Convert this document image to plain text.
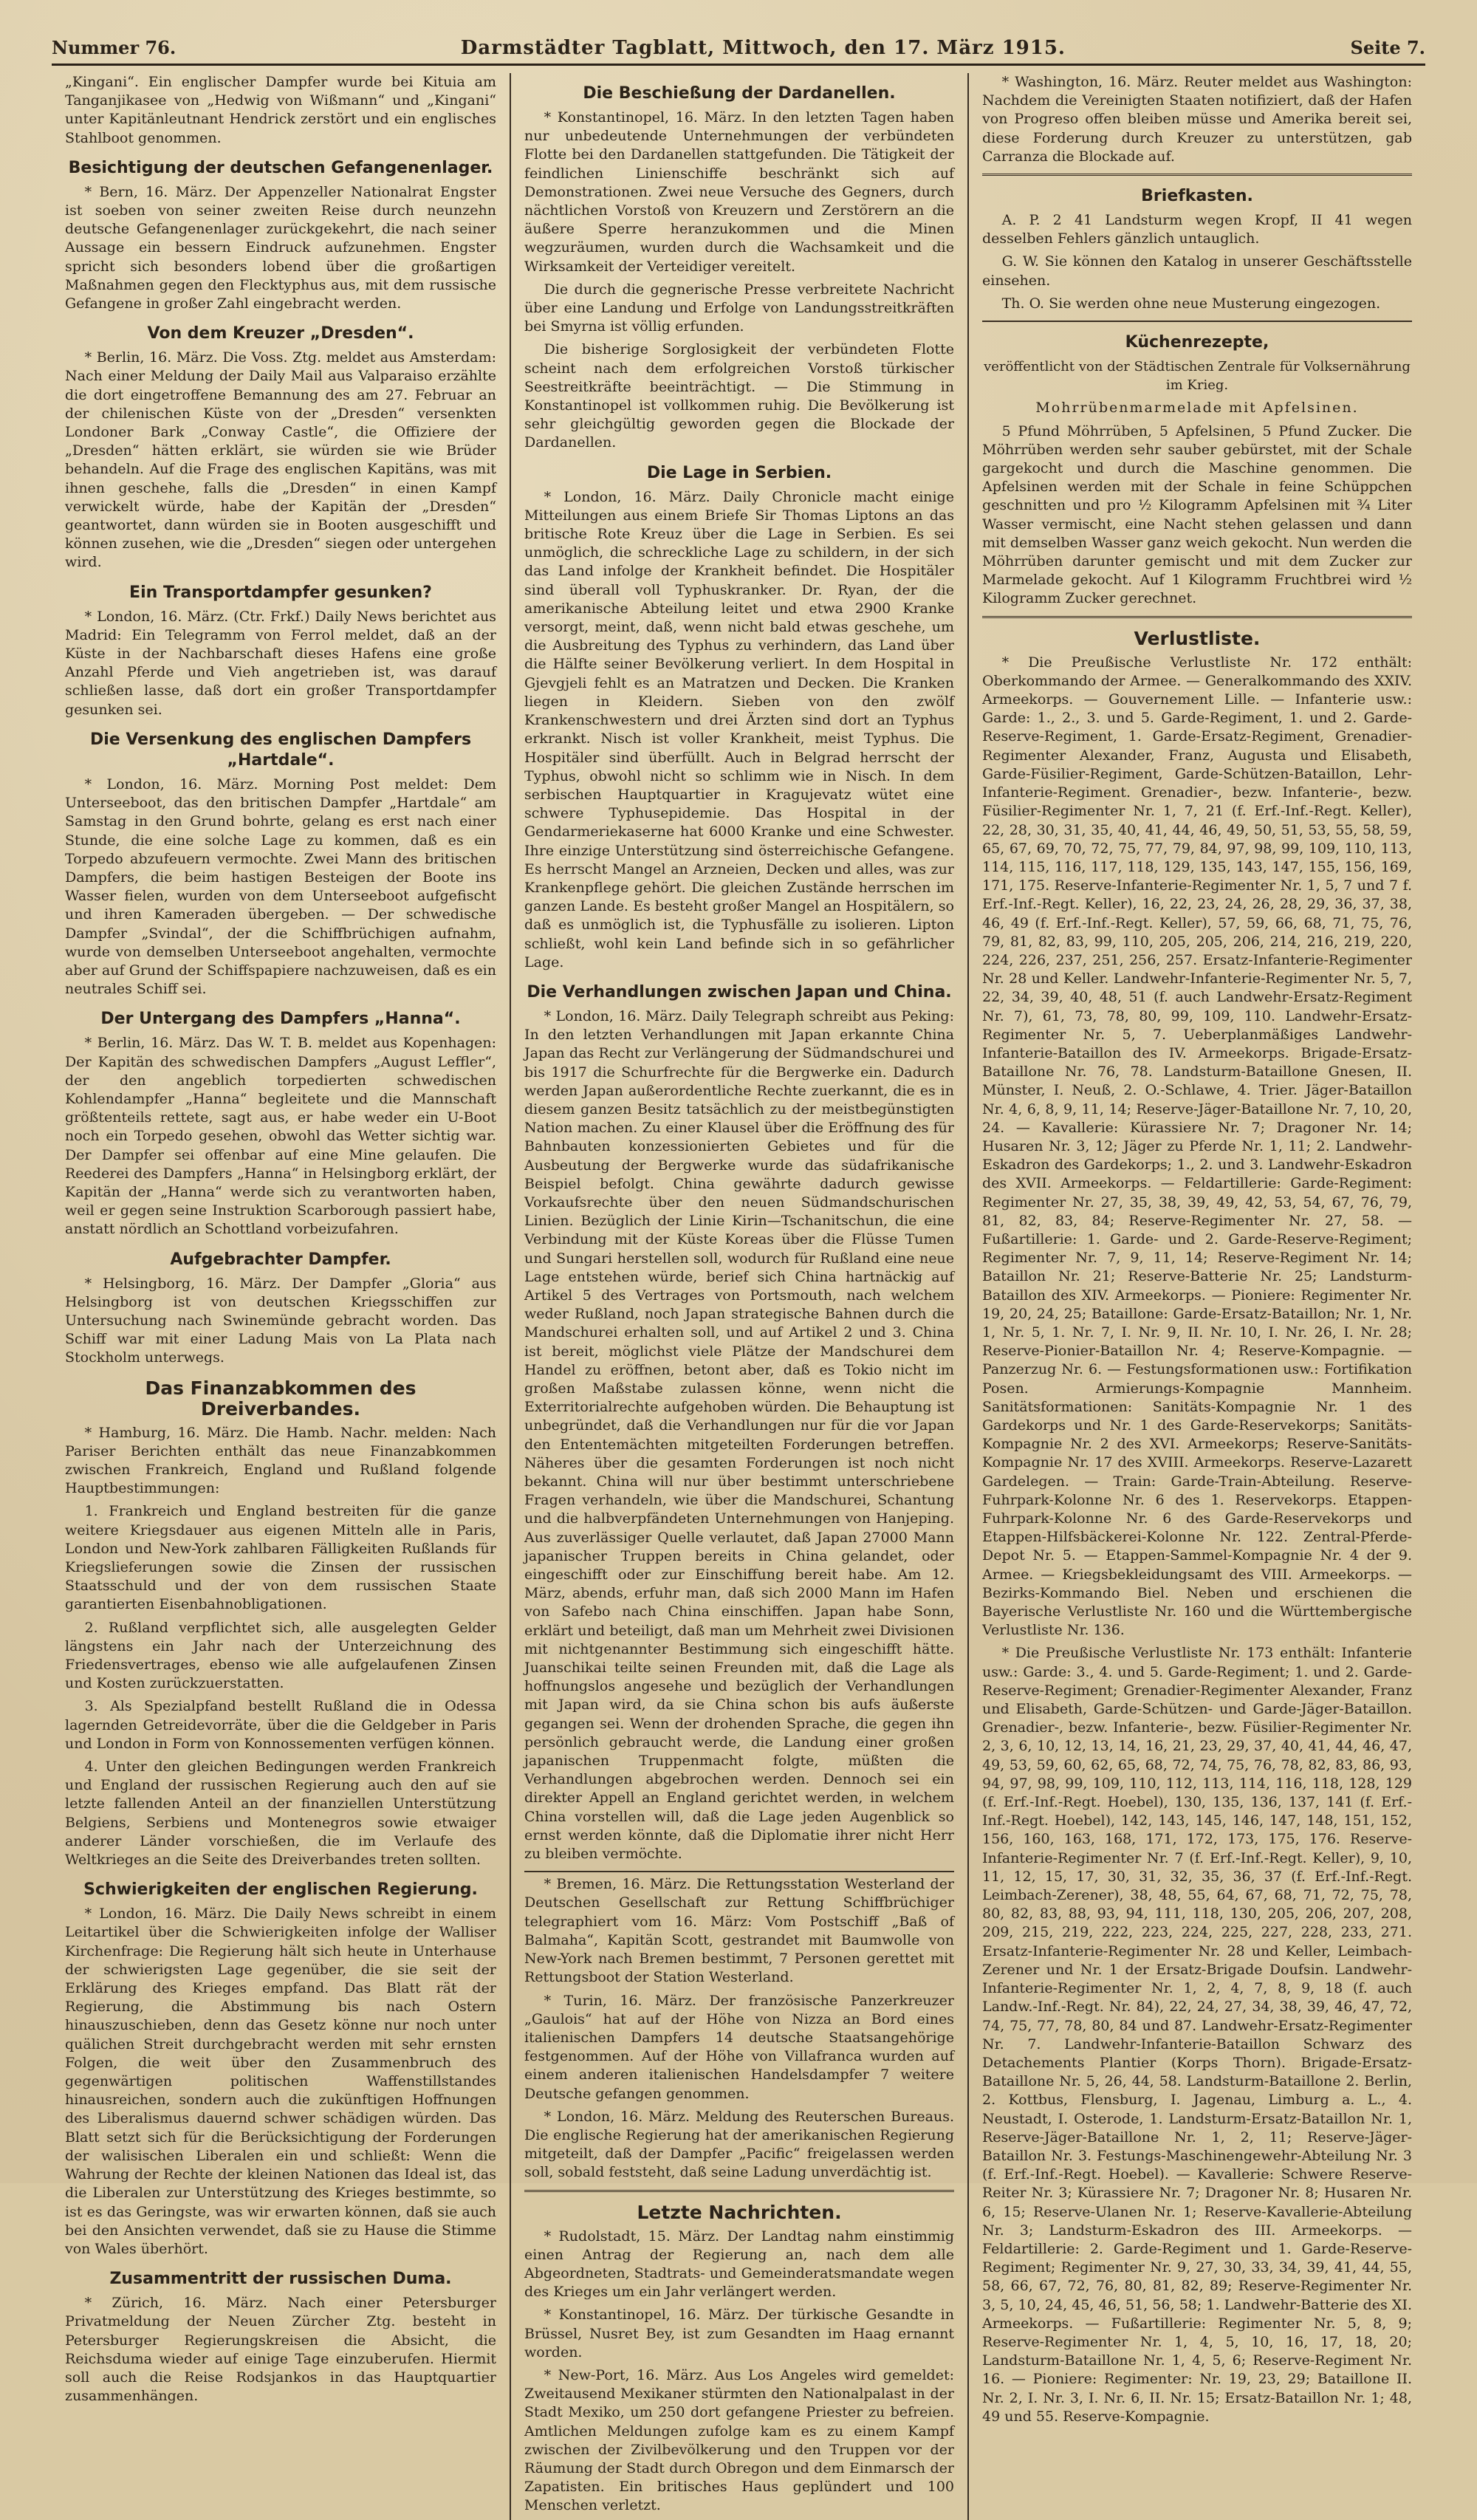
Nummer 76.	Darmstädter Tagblatt, Mittwoch, den 17. März 1915.	Seite 7.

„Kingani“. Ein englischer Dampfer wurde bei Kituia am Tanganjikasee von „Hedwig von Wißmann“ und „Kingani“ unter Kapitänleutnant Hendrick zerstört und ein englisches Stahlboot genommen.

Besichtigung der deutschen Gefangenenlager.

* Bern, 16. März. Der Appenzeller Nationalrat Engster ist soeben von seiner zweiten Reise durch neunzehn deutsche Gefangenenlager zurückgekehrt, die nach seiner Aussage ein bessern Eindruck aufzunehmen. Engster spricht sich besonders lobend über die großartigen Maßnahmen gegen den Flecktyphus aus, mit dem russische Gefangene in großer Zahl eingebracht werden.

Von dem Kreuzer „Dresden“.

* Berlin, 16. März. Die Voss. Ztg. meldet aus Amsterdam: Nach einer Meldung der Daily Mail aus Valparaiso erzählte die dort eingetroffene Bemannung des am 27. Februar an der chilenischen Küste von der „Dresden“ versenkten Londoner Bark „Conway Castle“, die Offiziere der „Dresden“ hätten erklärt, sie würden sie wie Brüder behandeln. Auf die Frage des englischen Kapitäns, was mit ihnen geschehe, falls die „Dresden“ in einen Kampf verwickelt würde, habe der Kapitän der „Dresden“ geantwortet, dann würden sie in Booten ausgeschifft und können zusehen, wie die „Dresden“ siegen oder untergehen wird.

Ein Transportdampfer gesunken?

* London, 16. März. (Ctr. Frkf.) Daily News berichtet aus Madrid: Ein Telegramm von Ferrol meldet, daß an der Küste in der Nachbarschaft dieses Hafens eine große Anzahl Pferde und Vieh angetrieben ist, was darauf schließen lasse, daß dort ein großer Transportdampfer gesunken sei.

Die Versenkung des englischen Dampfers „Hartdale“.

* London, 16. März. Morning Post meldet: Dem Unterseeboot, das den britischen Dampfer „Hartdale“ am Samstag in den Grund bohrte, gelang es erst nach einer Stunde, die eine solche Lage zu kommen, daß es ein Torpedo abzufeuern vermochte. Zwei Mann des britischen Dampfers, die beim hastigen Besteigen der Boote ins Wasser fielen, wurden von dem Unterseeboot aufgefischt und ihren Kameraden übergeben. — Der schwedische Dampfer „Svindal“, der die Schiffbrüchigen aufnahm, wurde von demselben Unterseeboot angehalten, vermochte aber auf Grund der Schiffspapiere nachzuweisen, daß es ein neutrales Schiff sei.

Der Untergang des Dampfers „Hanna“.

* Berlin, 16. März. Das W. T. B. meldet aus Kopenhagen: Der Kapitän des schwedischen Dampfers „August Leffler“, der den angeblich torpedierten schwedischen Kohlendampfer „Hanna“ begleitete und die Mannschaft größtenteils rettete, sagt aus, er habe weder ein U-Boot noch ein Torpedo gesehen, obwohl das Wetter sichtig war. Der Dampfer sei offenbar auf eine Mine gelaufen. Die Reederei des Dampfers „Hanna“ in Helsingborg erklärt, der Kapitän der „Hanna“ werde sich zu verantworten haben, weil er gegen seine Instruktion Scarborough passiert habe, anstatt nördlich an Schottland vorbeizufahren.

Aufgebrachter Dampfer.

* Helsingborg, 16. März. Der Dampfer „Gloria“ aus Helsingborg ist von deutschen Kriegsschiffen zur Untersuchung nach Swinemünde gebracht worden. Das Schiff war mit einer Ladung Mais von La Plata nach Stockholm unterwegs.

Das Finanzabkommen des Dreiverbandes.

* Hamburg, 16. März. Die Hamb. Nachr. melden: Nach Pariser Berichten enthält das neue Finanzabkommen zwischen Frankreich, England und Rußland folgende Hauptbestimmungen:

1. Frankreich und England bestreiten für die ganze weitere Kriegsdauer aus eigenen Mitteln alle in Paris, London und New-York zahlbaren Fälligkeiten Rußlands für Kriegslieferungen sowie die Zinsen der russischen Staatsschuld und der von dem russischen Staate garantierten Eisenbahnobligationen.

2. Rußland verpflichtet sich, alle ausgelegten Gelder längstens ein Jahr nach der Unterzeichnung des Friedensvertrages, ebenso wie alle aufgelaufenen Zinsen und Kosten zurückzuerstatten.

3. Als Spezialpfand bestellt Rußland die in Odessa lagernden Getreidevorräte, über die die Geldgeber in Paris und London in Form von Konnossementen verfügen können.

4. Unter den gleichen Bedingungen werden Frankreich und England der russischen Regierung auch den auf sie letzte fallenden Anteil an der finanziellen Unterstützung Belgiens, Serbiens und Montenegros sowie etwaiger anderer Länder vorschießen, die im Verlaufe des Weltkrieges an die Seite des Dreiverbandes treten sollten.

Schwierigkeiten der englischen Regierung.

* London, 16. März. Die Daily News schreibt in einem Leitartikel über die Schwierigkeiten infolge der Walliser Kirchenfrage: Die Regierung hält sich heute in Unterhause der schwierigsten Lage gegenüber, die sie seit der Erklärung des Krieges empfand. Das Blatt rät der Regierung, die Abstimmung bis nach Ostern hinauszuschieben, denn das Gesetz könne nur noch unter quälichen Streit durchgebracht werden mit sehr ernsten Folgen, die weit über den Zusammenbruch des gegenwärtigen politischen Waffenstillstandes hinausreichen, sondern auch die zukünftigen Hoffnungen des Liberalismus dauernd schwer schädigen würden. Das Blatt setzt sich für die Berücksichtigung der Forderungen der walisischen Liberalen ein und schließt: Wenn die Wahrung der Rechte der kleinen Nationen das Ideal ist, das die Liberalen zur Unterstützung des Krieges bestimmte, so ist es das Geringste, was wir erwarten können, daß sie auch bei den Ansichten verwendet, daß sie zu Hause die Stimme von Wales überhört.

Zusammentritt der russischen Duma.

* Zürich, 16. März. Nach einer Petersburger Privatmeldung der Neuen Zürcher Ztg. besteht in Petersburger Regierungskreisen die Absicht, die Reichsduma wieder auf einige Tage einzuberufen. Hiermit soll auch die Reise Rodsjankos in das Hauptquartier zusammenhängen.

Die Beschießung der Dardanellen.

* Konstantinopel, 16. März. In den letzten Tagen haben nur unbedeutende Unternehmungen der verbündeten Flotte bei den Dardanellen stattgefunden. Die Tätigkeit der feindlichen Linienschiffe beschränkt sich auf Demonstrationen. Zwei neue Versuche des Gegners, durch nächtlichen Vorstoß von Kreuzern und Zerstörern an die äußere Sperre heranzukommen und die Minen wegzuräumen, wurden durch die Wachsamkeit und die Wirksamkeit der Verteidiger vereitelt.

Die durch die gegnerische Presse verbreitete Nachricht über eine Landung und Erfolge von Landungsstreitkräften bei Smyrna ist völlig erfunden.

Die bisherige Sorglosigkeit der verbündeten Flotte scheint nach dem erfolgreichen Vorstoß türkischer Seestreitkräfte beeinträchtigt. — Die Stimmung in Konstantinopel ist vollkommen ruhig. Die Bevölkerung ist sehr gleichgültig geworden gegen die Blockade der Dardanellen.

Die Lage in Serbien.

* London, 16. März. Daily Chronicle macht einige Mitteilungen aus einem Briefe Sir Thomas Liptons an das britische Rote Kreuz über die Lage in Serbien. Es sei unmöglich, die schreckliche Lage zu schildern, in der sich das Land infolge der Krankheit befindet. Die Hospitäler sind überall voll Typhuskranker. Dr. Ryan, der die amerikanische Abteilung leitet und etwa 2900 Kranke versorgt, meint, daß, wenn nicht bald etwas geschehe, um die Ausbreitung des Typhus zu verhindern, das Land über die Hälfte seiner Bevölkerung verliert. In dem Hospital in Gjevgjeli fehlt es an Matratzen und Decken. Die Kranken liegen in Kleidern. Sieben von den zwölf Krankenschwestern und drei Ärzten sind dort an Typhus erkrankt. Nisch ist voller Krankheit, meist Typhus. Die Hospitäler sind überfüllt. Auch in Belgrad herrscht der Typhus, obwohl nicht so schlimm wie in Nisch. In dem serbischen Hauptquartier in Kragujevatz wütet eine schwere Typhusepidemie. Das Hospital in der Gendarmeriekaserne hat 6000 Kranke und eine Schwester. Ihre einzige Unterstützung sind österreichische Gefangene. Es herrscht Mangel an Arzneien, Decken und alles, was zur Krankenpflege gehört. Die gleichen Zustände herrschen im ganzen Lande. Es besteht großer Mangel an Hospitälern, so daß es unmöglich ist, die Typhusfälle zu isolieren. Lipton schließt, wohl kein Land befinde sich in so gefährlicher Lage.

Die Verhandlungen zwischen Japan und China.

* London, 16. März. Daily Telegraph schreibt aus Peking: In den letzten Verhandlungen mit Japan erkannte China Japan das Recht zur Verlängerung der Südmandschurei und bis 1917 die Schurfrechte für die Bergwerke ein. Dadurch werden Japan außerordentliche Rechte zuerkannt, die es in diesem ganzen Besitz tatsächlich zu der meistbegünstigten Nation machen. Zu einer Klausel über die Eröffnung des für Bahnbauten konzessionierten Gebietes und für die Ausbeutung der Bergwerke wurde das südafrikanische Beispiel befolgt. China gewährte dadurch gewisse Vorkaufsrechte über den neuen Südmandschurischen Linien. Bezüglich der Linie Kirin—Tschanitschun, die eine Verbindung mit der Küste Koreas über die Flüsse Tumen und Sungari herstellen soll, wodurch für Rußland eine neue Lage entstehen würde, berief sich China hartnäckig auf Artikel 5 des Vertrages von Portsmouth, nach welchem weder Rußland, noch Japan strategische Bahnen durch die Mandschurei erhalten soll, und auf Artikel 2 und 3. China ist bereit, möglichst viele Plätze der Mandschurei dem Handel zu eröffnen, betont aber, daß es Tokio nicht im großen Maßstabe zulassen könne, wenn nicht die Exterritorialrechte aufgehoben würden. Die Behauptung ist unbegründet, daß die Verhandlungen nur für die vor Japan den Ententemächten mitgeteilten Forderungen betreffen. Näheres über die gesamten Forderungen ist noch nicht bekannt. China will nur über bestimmt unterschriebene Fragen verhandeln, wie über die Mandschurei, Schantung und die halbverpfändeten Unternehmungen von Hanjeping. Aus zuverlässiger Quelle verlautet, daß Japan 27000 Mann japanischer Truppen bereits in China gelandet, oder eingeschifft oder zur Einschiffung bereit habe. Am 12. März, abends, erfuhr man, daß sich 2000 Mann im Hafen von Safebo nach China einschiffen. Japan habe Sonn, erklärt und beteiligt, daß man um Mehrheit zwei Divisionen mit nichtgenannter Bestimmung sich eingeschifft hätte. Juanschikai teilte seinen Freunden mit, daß die Lage als hoffnungslos angesehe und bezüglich der Verhandlungen mit Japan wird, da sie China schon bis aufs äußerste gegangen sei. Wenn der drohenden Sprache, die gegen ihn persönlich gebraucht werde, die Landung einer großen japanischen Truppenmacht folgte, müßten die Verhandlungen abgebrochen werden. Dennoch sei ein direkter Appell an England gerichtet werden, in welchem China vorstellen will, daß die Lage jeden Augenblick so ernst werden könnte, daß die Diplomatie ihrer nicht Herr zu bleiben vermöchte.

* Bremen, 16. März. Die Rettungsstation Westerland der Deutschen Gesellschaft zur Rettung Schiffbrüchiger telegraphiert vom 16. März: Vom Postschiff „Baß of Balmaha“, Kapitän Scott, gestrandet mit Baumwolle von New-York nach Bremen bestimmt, 7 Personen gerettet mit Rettungsboot der Station Westerland.

* Turin, 16. März. Der französische Panzerkreuzer „Gaulois“ hat auf der Höhe von Nizza an Bord eines italienischen Dampfers 14 deutsche Staatsangehörige festgenommen. Auf der Höhe von Villafranca wurden auf einem anderen italienischen Handelsdampfer 7 weitere Deutsche gefangen genommen.

* London, 16. März. Meldung des Reuterschen Bureaus. Die englische Regierung hat der amerikanischen Regierung mitgeteilt, daß der Dampfer „Pacific“ freigelassen werden soll, sobald feststeht, daß seine Ladung unverdächtig ist.

Letzte Nachrichten.

* Rudolstadt, 15. März. Der Landtag nahm einstimmig einen Antrag der Regierung an, nach dem alle Abgeordneten, Stadtrats- und Gemeinderatsmandate wegen des Krieges um ein Jahr verlängert werden.

* Konstantinopel, 16. März. Der türkische Gesandte in Brüssel, Nusret Bey, ist zum Gesandten im Haag ernannt worden.

* New-Port, 16. März. Aus Los Angeles wird gemeldet: Zweitausend Mexikaner stürmten den Nationalpalast in der Stadt Mexiko, um 250 dort gefangene Priester zu befreien. Amtlichen Meldungen zufolge kam es zu einem Kampf zwischen der Zivilbevölkerung und den Truppen vor der Räumung der Stadt durch Obregon und dem Einmarsch der Zapatisten. Ein britisches Haus geplündert und 100 Menschen verletzt.

* Washington, 16. März. Reuter meldet aus Washington: Nachdem die Vereinigten Staaten notifiziert, daß der Hafen von Progreso offen bleiben müsse und Amerika bereit sei, diese Forderung durch Kreuzer zu unterstützen, gab Carranza die Blockade auf.

Briefkasten.

A. P. 2 41 Landsturm wegen Kropf, II 41 wegen desselben Fehlers gänzlich untauglich.

G. W. Sie können den Katalog in unserer Geschäftsstelle einsehen.

Th. O. Sie werden ohne neue Musterung eingezogen.

Küchenrezepte,
veröffentlicht von der Städtischen Zentrale für Volksernährung im Krieg.
Mohrrübenmarmelade mit Apfelsinen.

5 Pfund Möhrrüben, 5 Apfelsinen, 5 Pfund Zucker. Die Möhrrüben werden sehr sauber gebürstet, mit der Schale gargekocht und durch die Maschine genommen. Die Apfelsinen werden mit der Schale in feine Schüppchen geschnitten und pro ½ Kilogramm Apfelsinen mit ¾ Liter Wasser vermischt, eine Nacht stehen gelassen und dann mit demselben Wasser ganz weich gekocht. Nun werden die Möhrrüben darunter gemischt und mit dem Zucker zur Marmelade gekocht. Auf 1 Kilogramm Fruchtbrei wird ½ Kilogramm Zucker gerechnet.

Verlustliste.

* Die Preußische Verlustliste Nr. 172 enthält: Oberkommando der Armee. — Generalkommando des XXIV. Armeekorps. — Gouvernement Lille. — Infanterie usw.: Garde: 1., 2., 3. und 5. Garde-Regiment, 1. und 2. Garde-Reserve-Regiment, 1. Garde-Ersatz-Regiment, Grenadier-Regimenter Alexander, Franz, Augusta und Elisabeth, Garde-Füsilier-Regiment, Garde-Schützen-Bataillon, Lehr-Infanterie-Regiment. Grenadier-, bezw. Infanterie-, bezw. Füsilier-Regimenter Nr. 1, 7, 21 (f. Erf.-Inf.-Regt. Keller), 22, 28, 30, 31, 35, 40, 41, 44, 46, 49, 50, 51, 53, 55, 58, 59, 65, 67, 69, 70, 72, 75, 77, 79, 84, 97, 98, 99, 109, 110, 113, 114, 115, 116, 117, 118, 129, 135, 143, 147, 155, 156, 169, 171, 175. Reserve-Infanterie-Regimenter Nr. 1, 5, 7 und 7 f. Erf.-Inf.-Regt. Keller), 16, 22, 23, 24, 26, 28, 29, 36, 37, 38, 46, 49 (f. Erf.-Inf.-Regt. Keller), 57, 59, 66, 68, 71, 75, 76, 79, 81, 82, 83, 99, 110, 205, 205, 206, 214, 216, 219, 220, 224, 226, 237, 251, 256, 257. Ersatz-Infanterie-Regimenter Nr. 28 und Keller. Landwehr-Infanterie-Regimenter Nr. 5, 7, 22, 34, 39, 40, 48, 51 (f. auch Landwehr-Ersatz-Regiment Nr. 7), 61, 73, 78, 80, 99, 109, 110. Landwehr-Ersatz-Regimenter Nr. 5, 7. Ueberplanmäßiges Landwehr-Infanterie-Bataillon des IV. Armeekorps. Brigade-Ersatz-Bataillone Nr. 76, 78. Landsturm-Bataillone Gnesen, II. Münster, I. Neuß, 2. O.-Schlawe, 4. Trier. Jäger-Bataillon Nr. 4, 6, 8, 9, 11, 14; Reserve-Jäger-Bataillone Nr. 7, 10, 20, 24. — Kavallerie: Kürassiere Nr. 7; Dragoner Nr. 14; Husaren Nr. 3, 12; Jäger zu Pferde Nr. 1, 11; 2. Landwehr-Eskadron des Gardekorps; 1., 2. und 3. Landwehr-Eskadron des XVII. Armeekorps. — Feldartillerie: Garde-Regiment: Regimenter Nr. 27, 35, 38, 39, 49, 42, 53, 54, 67, 76, 79, 81, 82, 83, 84; Reserve-Regimenter Nr. 27, 58. — Fußartillerie: 1. Garde- und 2. Garde-Reserve-Regiment; Regimenter Nr. 7, 9, 11, 14; Reserve-Regiment Nr. 14; Bataillon Nr. 21; Reserve-Batterie Nr. 25; Landsturm-Bataillon des XIV. Armeekorps. — Pioniere: Regimenter Nr. 19, 20, 24, 25; Bataillone: Garde-Ersatz-Bataillon; Nr. 1, Nr. 1, Nr. 5, 1. Nr. 7, I. Nr. 9, II. Nr. 10, I. Nr. 26, I. Nr. 28; Reserve-Pionier-Bataillon Nr. 4; Reserve-Kompagnie. — Panzerzug Nr. 6. — Festungsformationen usw.: Fortifikation Posen. Armierungs-Kompagnie Mannheim. Sanitätsformationen: Sanitäts-Kompagnie Nr. 1 des Gardekorps und Nr. 1 des Garde-Reservekorps; Sanitäts-Kompagnie Nr. 2 des XVI. Armeekorps; Reserve-Sanitäts-Kompagnie Nr. 17 des XVIII. Armeekorps. Reserve-Lazarett Gardelegen. — Train: Garde-Train-Abteilung. Reserve-Fuhrpark-Kolonne Nr. 6 des 1. Reservekorps. Etappen-Fuhrpark-Kolonne Nr. 6 des Garde-Reservekorps und Etappen-Hilfsbäckerei-Kolonne Nr. 122. Zentral-Pferde-Depot Nr. 5. — Etappen-Sammel-Kompagnie Nr. 4 der 9. Armee. — Kriegsbekleidungsamt des VIII. Armeekorps. — Bezirks-Kommando Biel. Neben und erschienen die Bayerische Verlustliste Nr. 160 und die Württembergische Verlustliste Nr. 136.

* Die Preußische Verlustliste Nr. 173 enthält: Infanterie usw.: Garde: 3., 4. und 5. Garde-Regiment; 1. und 2. Garde-Reserve-Regiment; Grenadier-Regimenter Alexander, Franz und Elisabeth, Garde-Schützen- und Garde-Jäger-Bataillon. Grenadier-, bezw. Infanterie-, bezw. Füsilier-Regimenter Nr. 2, 3, 6, 10, 12, 13, 14, 16, 21, 23, 29, 37, 40, 41, 44, 46, 47, 49, 53, 59, 60, 62, 65, 68, 72, 74, 75, 76, 78, 82, 83, 86, 93, 94, 97, 98, 99, 109, 110, 112, 113, 114, 116, 118, 128, 129 (f. Erf.-Inf.-Regt. Hoebel), 130, 135, 136, 137, 141 (f. Erf.-Inf.-Regt. Hoebel), 142, 143, 145, 146, 147, 148, 151, 152, 156, 160, 163, 168, 171, 172, 173, 175, 176. Reserve-Infanterie-Regimenter Nr. 7 (f. Erf.-Inf.-Regt. Keller), 9, 10, 11, 12, 15, 17, 30, 31, 32, 35, 36, 37 (f. Erf.-Inf.-Regt. Leimbach-Zerener), 38, 48, 55, 64, 67, 68, 71, 72, 75, 78, 80, 82, 83, 88, 93, 94, 111, 118, 130, 205, 206, 207, 208, 209, 215, 219, 222, 223, 224, 225, 227, 228, 233, 271. Ersatz-Infanterie-Regimenter Nr. 28 und Keller, Leimbach-Zerener und Nr. 1 der Ersatz-Brigade Doufsin. Landwehr-Infanterie-Regimenter Nr. 1, 2, 4, 7, 8, 9, 18 (f. auch Landw.-Inf.-Regt. Nr. 84), 22, 24, 27, 34, 38, 39, 46, 47, 72, 74, 75, 77, 78, 80, 84 und 87. Landwehr-Ersatz-Regimenter Nr. 7. Landwehr-Infanterie-Bataillon Schwarz des Detachements Plantier (Korps Thorn). Brigade-Ersatz-Bataillone Nr. 5, 26, 44, 58. Landsturm-Bataillone 2. Berlin, 2. Kottbus, Flensburg, I. Jagenau, Limburg a. L., 4. Neustadt, I. Osterode, 1. Landsturm-Ersatz-Bataillon Nr. 1, Reserve-Jäger-Bataillone Nr. 1, 2, 11; Reserve-Jäger-Bataillon Nr. 3. Festungs-Maschinengewehr-Abteilung Nr. 3 (f. Erf.-Inf.-Regt. Hoebel). — Kavallerie: Schwere Reserve-Reiter Nr. 3; Kürassiere Nr. 7; Dragoner Nr. 8; Husaren Nr. 6, 15; Reserve-Ulanen Nr. 1; Reserve-Kavallerie-Abteilung Nr. 3; Landsturm-Eskadron des III. Armeekorps. — Feldartillerie: 2. Garde-Regiment und 1. Garde-Reserve-Regiment; Regimenter Nr. 9, 27, 30, 33, 34, 39, 41, 44, 55, 58, 66, 67, 72, 76, 80, 81, 82, 89; Reserve-Regimenter Nr. 3, 5, 10, 24, 45, 46, 51, 56, 58; 1. Landwehr-Batterie des XI. Armeekorps. — Fußartillerie: Regimenter Nr. 5, 8, 9; Reserve-Regimenter Nr. 1, 4, 5, 10, 16, 17, 18, 20; Landsturm-Bataillone Nr. 1, 4, 5, 6; Reserve-Regiment Nr. 16. — Pioniere: Regimenter: Nr. 19, 23, 29; Bataillone II. Nr. 2, I. Nr. 3, I. Nr. 6, II. Nr. 15; Ersatz-Bataillon Nr. 1; 48, 49 und 55. Reserve-Kompagnie.
